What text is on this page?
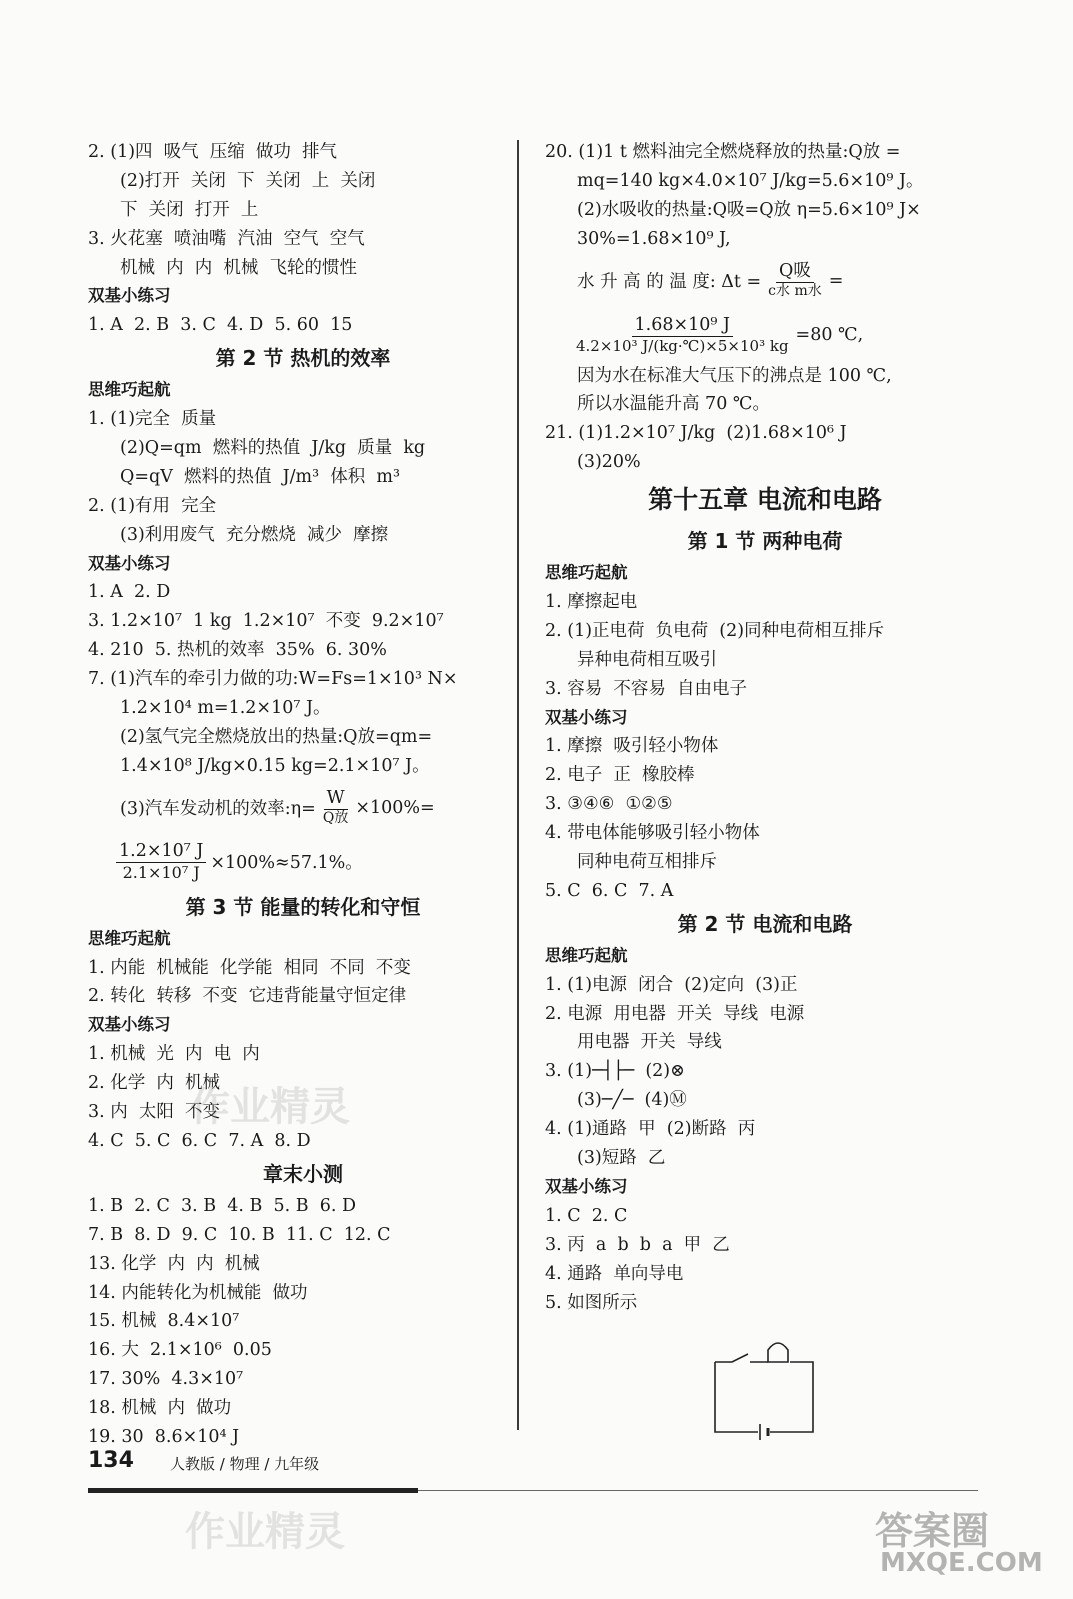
2. (1)四  吸气  压缩  做功  排气
(2)打开  关闭  下  关闭  上  关闭
下  关闭  打开  上
3. 火花塞  喷油嘴  汽油  空气  空气
机械  内  内  机械  飞轮的惯性
双基小练习
1. A  2. B  3. C  4. D  5. 60  15
第 2 节 热机的效率
思维巧起航
1. (1)完全  质量
(2)Q=qm  燃料的热值  J/kg  质量  kg
Q=qV  燃料的热值  J/m³  体积  m³
2. (1)有用  完全
(3)利用废气  充分燃烧  减少  摩擦
双基小练习
1. A  2. D
3. 1.2×10⁷  1 kg  1.2×10⁷  不变  9.2×10⁷
4. 210  5. 热机的效率  35%  6. 30%
7. (1)汽车的牵引力做的功:W=Fs=1×10³ N×
1.2×10⁴ m=1.2×10⁷ J。
(2)氢气完全燃烧放出的热量:Q放=qm=
1.4×10⁸ J/kg×0.15 kg=2.1×10⁷ J。
(3)汽车发动机的效率:η= $\frac{W}{\text{Q放}} \times 100\%=$
$\frac{\text{1.2×10⁷ J}}{\text{2.1×10⁷ J}} \times 100\%\approx 57.1\%$。
第 3 节 能量的转化和守恒
思维巧起航
1. 内能  机械能  化学能  相同  不同  不变
2. 转化  转移  不变  它违背能量守恒定律
双基小练习
1. 机械  光  内  电  内
2. 化学  内  机械
3. 内  太阳  不变
4. C  5. C  6. C  7. A  8. D
章末小测
1. B  2. C  3. B  4. B  5. B  6. D
7. B  8. D  9. C  10. B  11. C  12. C
13. 化学  内  内  机械
14. 内能转化为机械能  做功
15. 机械  8.4×10⁷
16. 大  2.1×10⁶  0.05
17. 30%  4.3×10⁷
18. 机械  内  做功
19. 30  8.6×10⁴ J
20. (1)1 t 燃料油完全燃烧释放的热量:Q放 =
mq=140 kg×4.0×10⁷ J/kg=5.6×10⁹ J。
(2)水吸收的热量:Q吸=Q放 η=5.6×10⁹ J×
30%=1.68×10⁹ J,
水 升 高 的 温 度: $\Delta t = \frac{\text{Q吸}}{\text{c水 m水}}$ =
$\frac{\text{1.68×10⁹ J}}{\text{4.2×10³ J/(kg·℃)×5×10³ kg}} =80$ ℃,
因为水在标准大气压下的沸点是 100 ℃,
所以水温能升高 70 ℃。
21. (1)1.2×10⁷ J/kg  (2)1.68×10⁶ J
(3)20%
第十五章 电流和电路
第 1 节 两种电荷
思维巧起航
1. 摩擦起电
2. (1)正电荷  负电荷  (2)同种电荷相互排斥
异种电荷相互吸引
3. 容易  不容易  自由电子
双基小练习
1. 摩擦  吸引轻小物体
2. 电子  正  橡胶棒
3. ③④⑥  ①②⑤
4. 带电体能够吸引轻小物体
同种电荷互相排斥
5. C  6. C  7. A
第 2 节 电流和电路
思维巧起航
1. (1)电源  闭合  (2)定向  (3)正
2. 电源  用电器  开关  导线  电源
用电器  开关  导线
3. (1)─┤├─  (2)⊗
(3)─╱─  (4)Ⓜ
4. (1)通路  甲  (2)断路  丙
(3)短路  乙
双基小练习
1. C  2. C
3. 丙  a  b  b  a  甲  乙
4. 通路  单向导电
5. 如图所示
134 人教版 / 物理 / 九年级
作业精灵
作业精灵	答案圈
MXQE.COM
